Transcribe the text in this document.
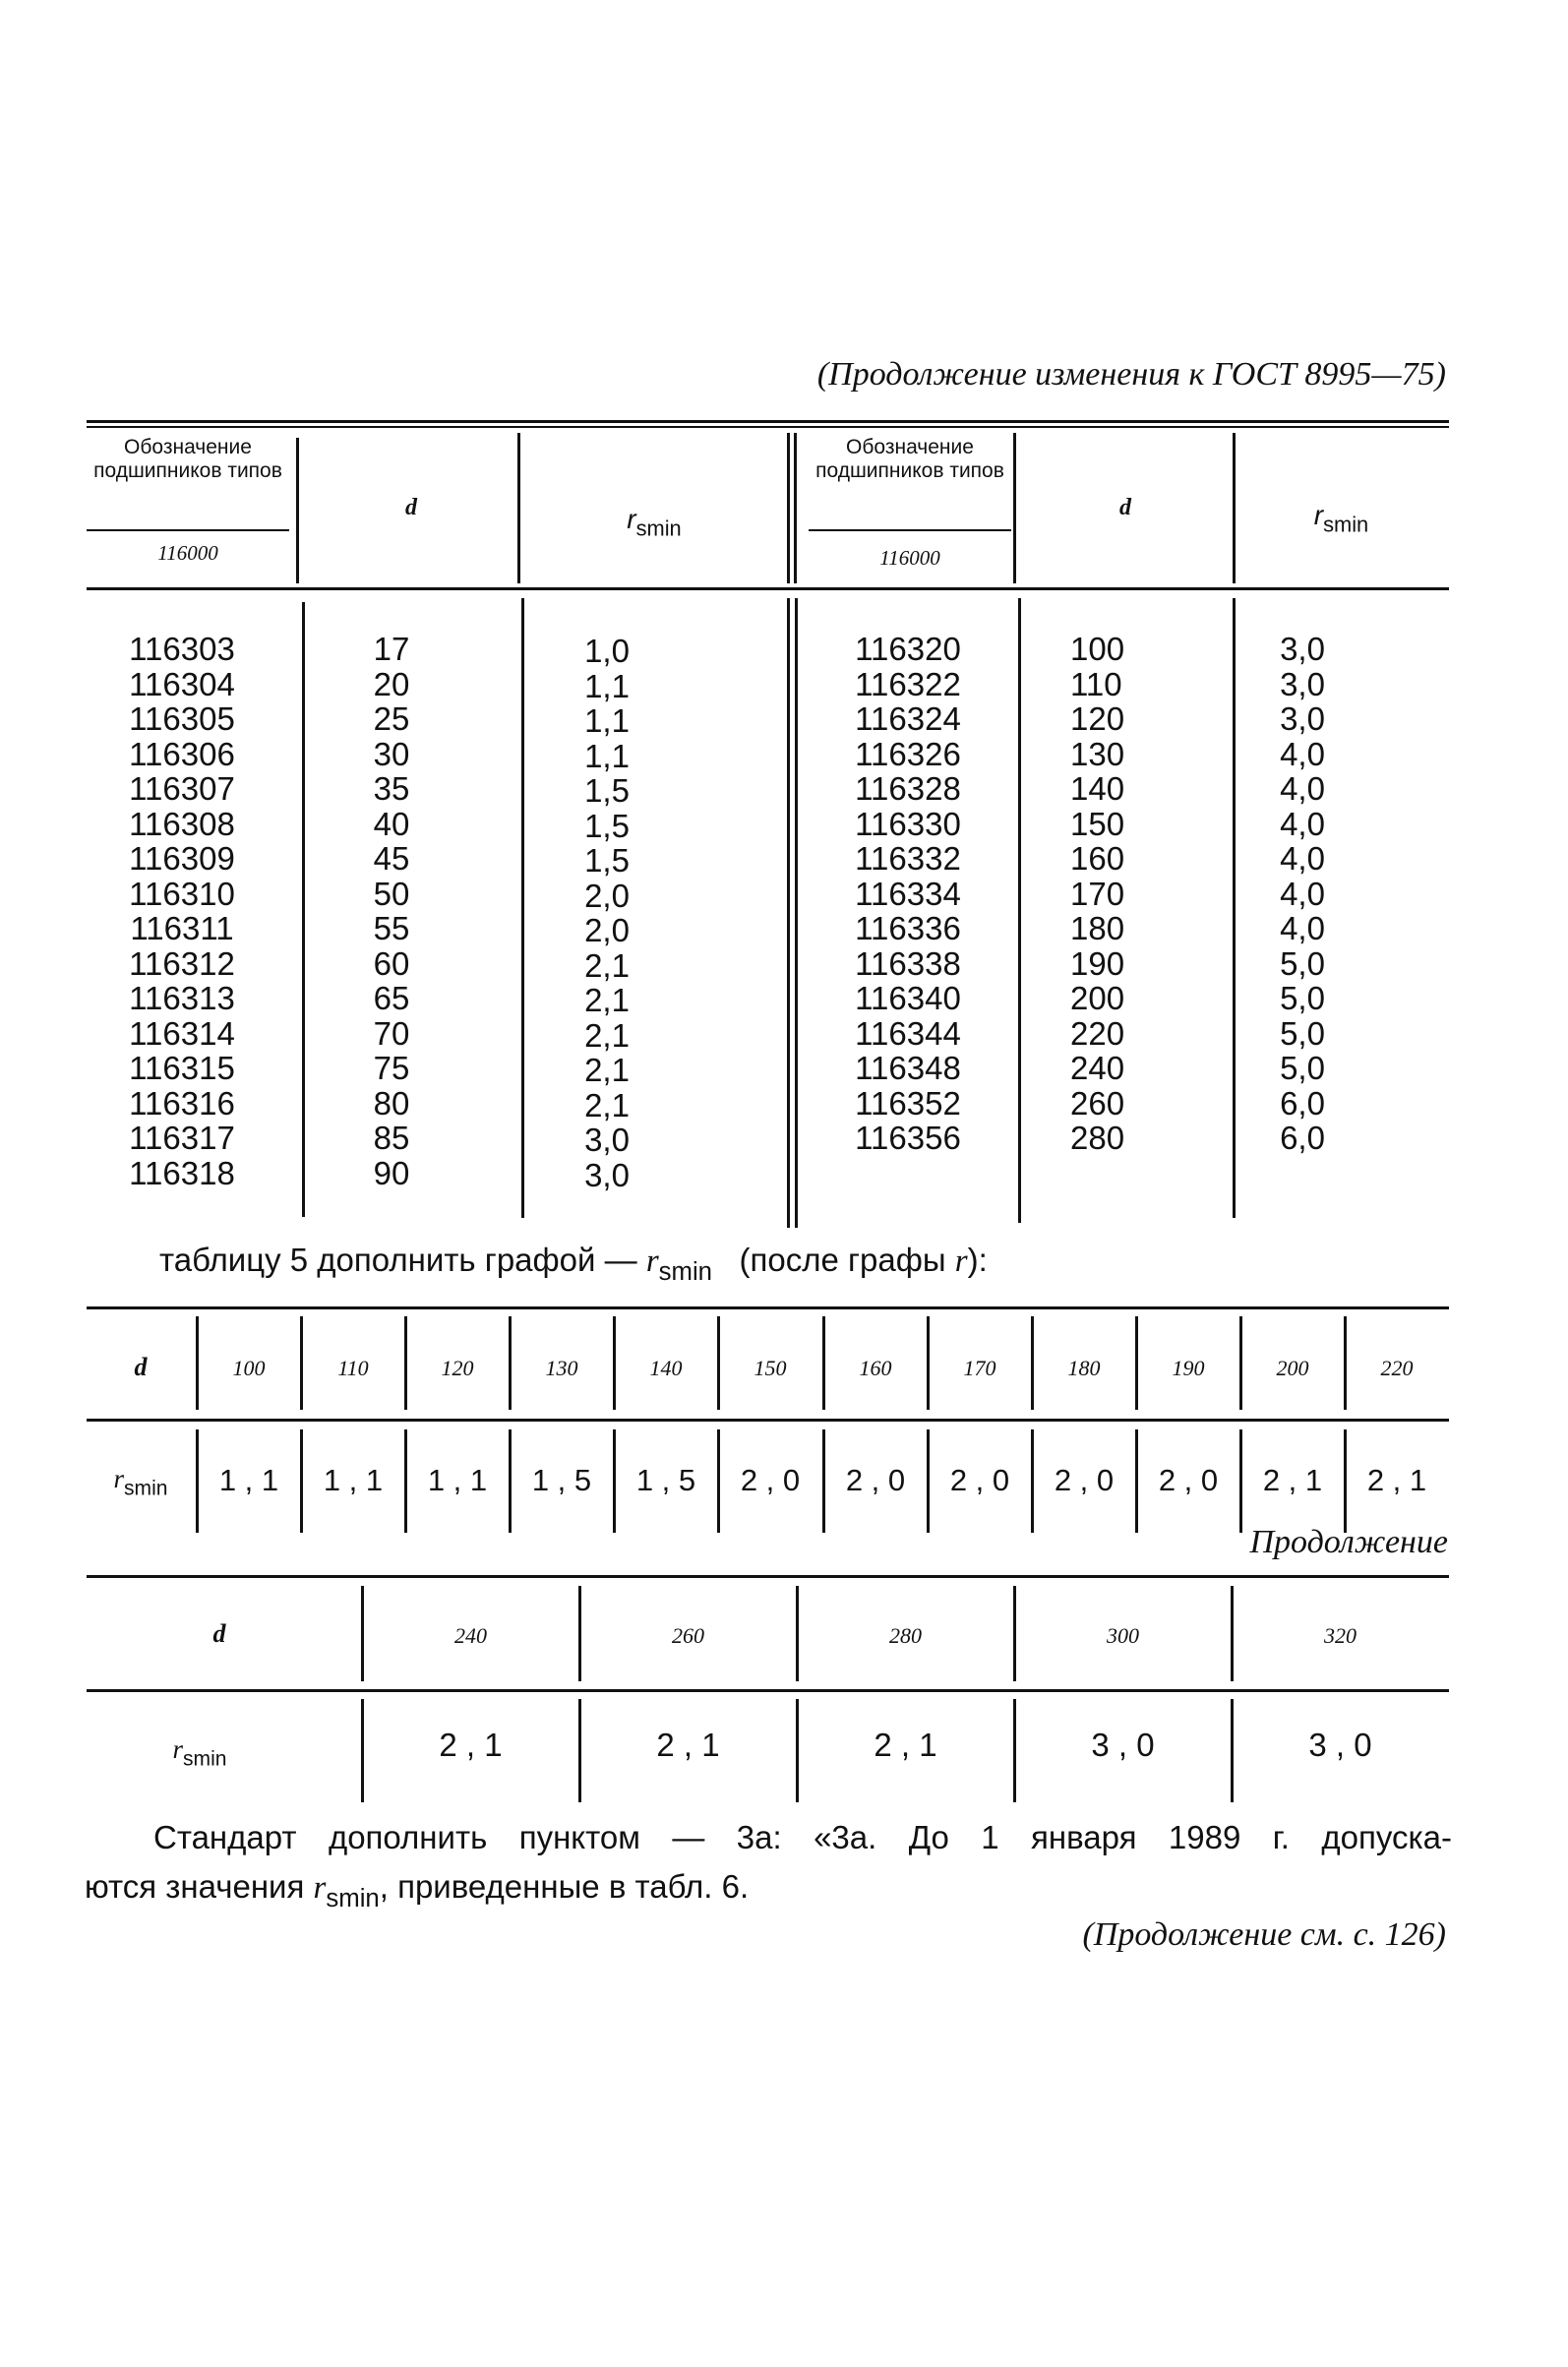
(Продолжение изменения к ГОСТ 8995—75)
Обозначение подшипников типов
116000
d	$r_{smin}$
Обозначение подшипников типов
116000
d	$r_{smin}$
116303
116304
116305
116306
116307
116308
116309
116310
116311
116312
116313
116314
116315
116316
116317
116318
17
20
25
30
35
40
45
50
55
60
65
70
75
80
85
90
1,0
1,1
1,1
1,1
1,5
1,5
1,5
2,0
2,0
2,1
2,1
2,1
2,1
2,1
3,0
3,0
116320
116322
116324
116326
116328
116330
116332
116334
116336
116338
116340
116344
116348
116352
116356
100
110
120
130
140
150
160
170
180
190
200
220
240
260
280
3,0
3,0
3,0
4,0
4,0
4,0
4,0
4,0
4,0
5,0
5,0
5,0
5,0
6,0
6,0
таблицу 5 дополнить графой — $r_{smin}$ (после графы r):
100
1 , 1
110
1 , 1
120
1 , 1
130
1 , 5
140
1 , 5
150
2 , 0
160
2 , 0
170
2 , 0
180
2 , 0
190
2 , 0
200
2 , 1
220
2 , 1
d
$r_{smin}$
Продолжение
240
2 , 1
260
2 , 1
280
2 , 1
300
3 , 0
320
3 , 0
d
$r_{smin}$
Стандарт дополнить пунктом — 3а: «3а. До 1 января 1989 г. допуска-
ются значения $r_{smin}$, приведенные в табл. 6.
(Продолжение см. с. 126)
